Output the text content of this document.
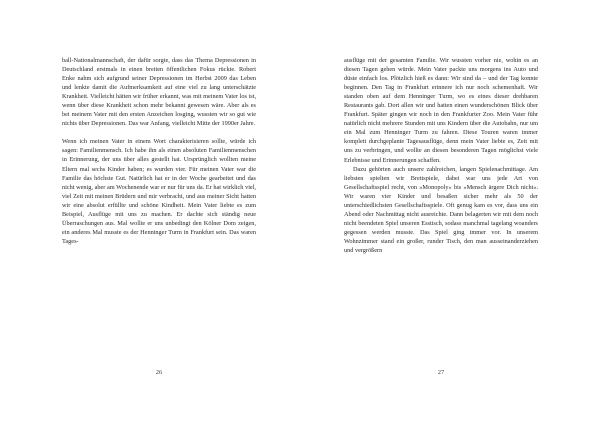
ball-Nationalmannschaft, der dafür sorgte, dass das Thema Depressionen in Deutschland erstmals in einen breiten öffentlichen Fokus rückte. Robert Enke nahm sich aufgrund seiner Depressionen im Herbst 2009 das Leben und lenkte damit die Aufmerksamkeit auf eine viel zu lang unterschätzte Krankheit. Vielleicht hätten wir früher erkannt, was mit meinem Vater los ist, wenn über diese Krankheit schon mehr bekannt gewesen wäre. Aber als es bei meinem Vater mit den ersten Anzeichen losging, wussten wir so gut wie nichts über Depressionen. Das war Anfang, vielleicht Mitte der 1990er Jahre.

Wenn ich meinen Vater in einem Wort charakterisieren sollte, würde ich sagen: Familienmensch. Ich habe ihn als einen absoluten Familienmenschen in Erinnerung, der uns über alles gestellt hat. Ursprünglich wollten meine Eltern mal sechs Kinder haben; es wurden vier. Für meinen Vater war die Familie das höchste Gut. Natürlich hat er in der Woche gearbeitet und das nicht wenig, aber am Wochenende war er nur für uns da. Er hat wirklich viel, viel Zeit mit meinen Brüdern und mir verbracht, und aus meiner Sicht hatten wir eine absolut erfüllte und schöne Kindheit. Mein Vater liebte es zum Beispiel, Ausflüge mit uns zu machen. Er dachte sich ständig neue Überraschungen aus. Mal wollte er uns unbedingt den Kölner Dom zeigen, ein anderes Mal musste es der Henninger Turm in Frankfurt sein. Das waren Tages-

26

ausflüge mit der gesamten Familie. Wir wussten vorher nie, wohin es an diesen Tagen gehen würde. Mein Vater packte uns morgens ins Auto und düste einfach los. Plötzlich hieß es dann: Wir sind da – und der Tag konnte beginnen. Den Tag in Frankfurt erinnere ich nur noch schemenhaft. Wir standen oben auf dem Henninger Turm, wo es eines dieser drehbaren Restaurants gab. Dort allen wir und hatten einen wunderschönen Blick über Frankfurt. Später gingen wir noch in den Frankfurter Zoo. Mein Vater führ natürlich nicht mehrere Stunden mit uns Kindern über die Autobahn, nur um ein Mal zum Henninger Turm zu fahren. Diese Touren waren immer komplett durchgeplante Tagesausflüge, denn mein Vater liebte es, Zeit mit uns zu verbringen, und wollte an diesen besonderen Tagen möglichst viele Erlebnisse und Erinnerungen schaffen.

Dazu gehörten auch unsere zahlreichen, langen Spielenachmittage. Am liebsten spielten wir Brettspiele, dabei war uns jede Art von Gesellschaftsspiel recht, von »Monopoly« bis »Mensch ärgere Dich nicht«. Wir waren vier Kinder und besaßen sicher mehr als 50 der unterschiedlichsten Gesellschaftsspiele. Oft genug kam es vor, dass uns ein Abend oder Nachmittag nicht ausreichte. Dann belagerten wir mit dem noch nicht beendeten Spiel unseren Esstisch, sodass manchmal tagelang woanders gegessen werden musste. Das Spiel ging immer vor. In unserem Wohnzimmer stand ein großer, runder Tisch, den man ausseinanderziehen und vergrößern

27
